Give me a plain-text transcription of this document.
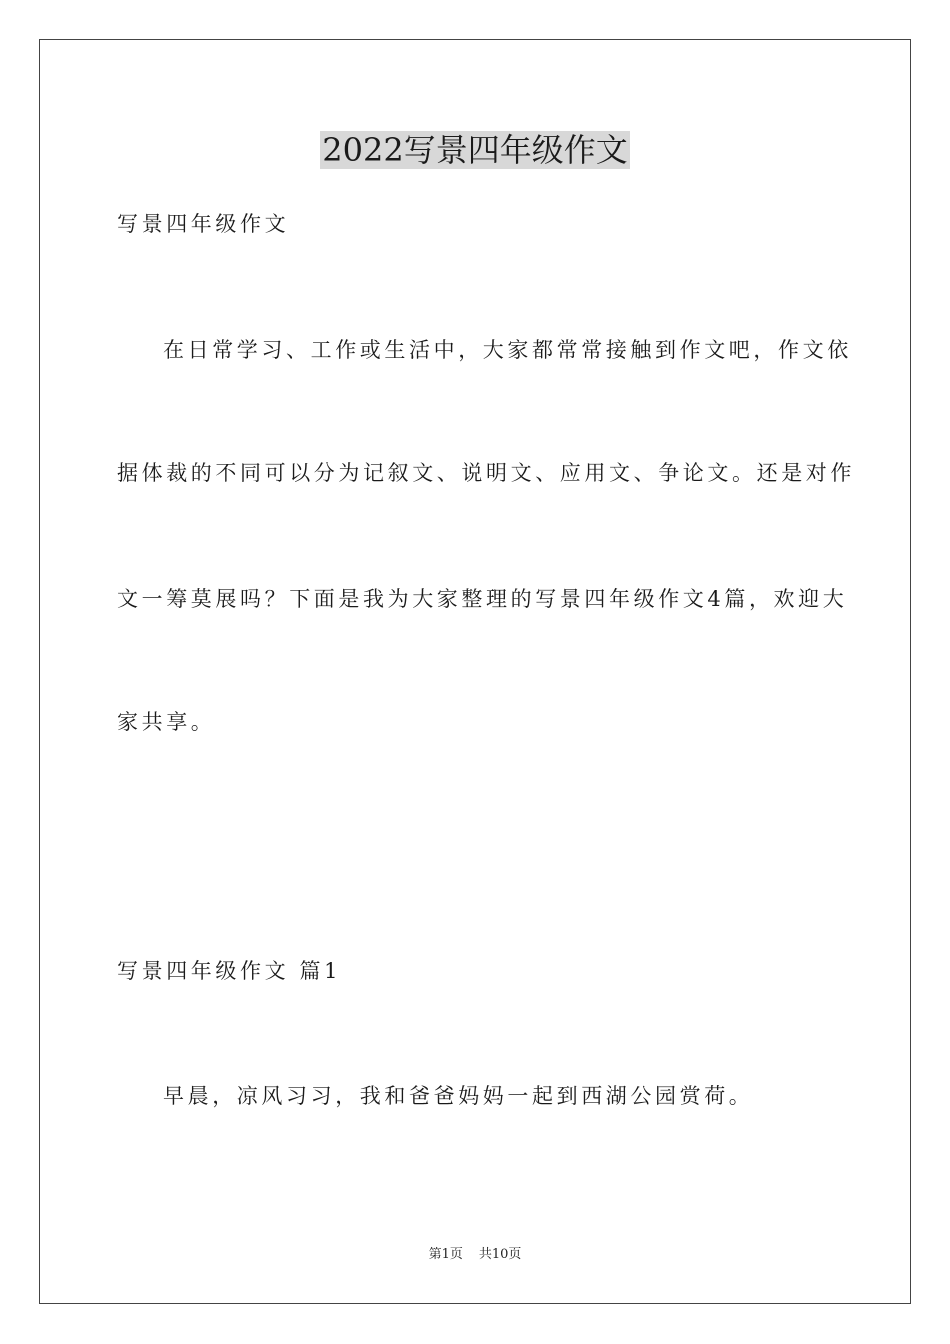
2022写景四年级作文
写景四年级作文
在日常学习、工作或生活中，大家都常常接触到作文吧，作文依
据体裁的不同可以分为记叙文、说明文、应用文、争论文。还是对作
文一筹莫展吗？下面是我为大家整理的写景四年级作文4篇，欢迎大
家共享。
写景四年级作文 篇1
早晨，凉风习习，我和爸爸妈妈一起到西湖公园赏荷。
第1页 共10页
